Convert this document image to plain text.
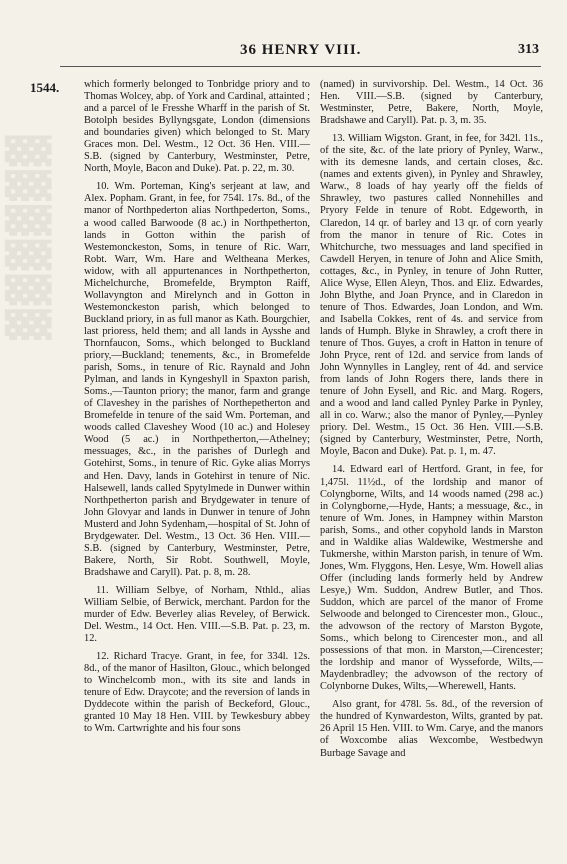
▓▓▓▓▓▓
36 HENRY VIII.	313
1544. which formerly belonged to Tonbridge priory and to Thomas Wolcey, abp. of York and Cardinal, attainted ; and a parcel of le Fresshe Wharff in the parish of St. Botolph besides Byllyngsgate, London (dimensions and boundaries given) which belonged to St. Mary Graces mon. Del. Westm., 12 Oct. 36 Hen. VIII.—S.B. (signed by Canterbury, Westminster, Petre, North, Moyle, Bacon and Duke). Pat. p. 22, m. 30.

10. Wm. Porteman, King's serjeant at law, and Alex. Popham. Grant, in fee, for 754l. 17s. 8d., of the manor of Northpederton alias Northpederton, Soms., a wood called Barwoode (8 ac.) in Northpetherton, lands in Gotton within the parish of Westemonckeston, Soms, in tenure of Ric. Warr, Robt. Warr, Wm. Hare and Weltheana Merkes, widow, with all appurtenances in Northpetherton, Michelchurche, Bromefelde, Brympton Raiff, Wollavyngton and Mirelynch and in Gotton in Westemonckeston parish, which belonged to Buckland priory, in as full manor as Kath. Bourgchier, last prioress, held them; and all lands in Aysshe and Thornfaucon, Soms., which belonged to Buckland priory,—Buckland; tenements, &c., in Bromefelde parish, Soms., in tenure of Ric. Raynald and John Pylman, and lands in Kyngeshyll in Spaxton parish, Soms.,—Taunton priory; the manor, farm and grange of Claveshey in the parishes of Northepetherton and Bromefelde in tenure of the said Wm. Porteman, and woods called Claveshey Wood (10 ac.) and Holesey Wood (5 ac.) in Northpetherton,—Athelney; messuages, &c., in the parishes of Durlegh and Gotehirst, Soms., in tenure of Ric. Gyke alias Morrys and Hen. Davy, lands in Gotehirst in tenure of Nic. Halsewell, lands called Spytylmede in Dunwer within Northpetherton parish and Brydgewater in tenure of John Glovyar and lands in Dunwer in tenure of John Musterd and John Sydenham,—hospital of St. John of Brydgewater. Del. Westm., 13 Oct. 36 Hen. VIII.—S.B. (signed by Canterbury, Westminster, Petre, Bakere, North, Sir Robt. Southwell, Moyle, Bradshawe and Caryll). Pat. p. 8, m. 28.

11. William Selbye, of Norham, Nthld., alias William Selbie, of Berwick, merchant. Pardon for the murder of Edw. Beverley alias Reveley, of Berwick. Del. Westm., 14 Oct. Hen. VIII.—S.B. Pat. p. 23, m. 12.

12. Richard Tracye. Grant, in fee, for 334l. 12s. 8d., of the manor of Hasilton, Glouc., which belonged to Winchelcomb mon., with its site and lands in tenure of Edw. Draycote; and the reversion of lands in Dyddecote within the parish of Beckeford, Glouc., granted 10 May 18 Hen. VIII. by Tewkesbury abbey to Wm. Cartwrighte and his four sons

(named) in survivorship. Del. Westm., 14 Oct. 36 Hen. VIII.—S.B. (signed by Canterbury, Westminster, Petre, Bakere, North, Moyle, Bradshawe and Caryll). Pat. p. 3, m. 35.

13. William Wigston. Grant, in fee, for 342l. 11s., of the site, &c. of the late priory of Pynley, Warw., with its demesne lands, and certain closes, &c. (names and extents given), in Pynley and Shrawley, Warw., 8 loads of hay yearly off the fields of Shrawley, two pastures called Nonnehilles and Pryory Felde in tenure of Robt. Edgeworth, in Claredon, 14 qr. of barley and 13 qr. of corn yearly from the manor in tenure of Ric. Cotes in Whitchurche, two messuages and land specified in Cawdell Heryen, in tenure of John and Alice Smith, cottages, &c., in Pynley, in tenure of John Rutter, Alice Wyse, Ellen Aleyn, Thos. and Eliz. Edwardes, John Blythe, and Joan Prynce, and in Claredon in tenure of Thos. Edwardes, Joan London, and Wm. and Isabella Cokkes, rent of 4s. and service from lands of Humph. Blyke in Shrawley, a croft there in tenure of Thos. Guyes, a croft in Hatton in tenure of John Pryce, rent of 12d. and service from lands of John Wynnylles in Langley, rent of 4d. and service from lands of John Rogers there, lands there in tenure of John Eysell, and Ric. and Marg. Rogers, and a wood and land called Pynley Parke in Pynley, all in co. Warw.; also the manor of Pynley,—Pynley priory. Del. Westm., 15 Oct. 36 Hen. VIII.—S.B. (signed by Canterbury, Westminster, Petre, North, Moyle, Bacon and Duke). Pat. p. 1, m. 47.

14. Edward earl of Hertford. Grant, in fee, for 1,475l. 11½d., of the lordship and manor of Colyngborne, Wilts, and 14 woods named (298 ac.) in Colyngborne,—Hyde, Hants; a messuage, &c., in tenure of Wm. Jones, in Hampney within Marston parish, Soms., and other copyhold lands in Marston and in Waldike alias Waldewike, Westmershe and Tukmershe, within Marston parish, in tenure of Wm. Jones, Wm. Flyggons, Hen. Lesye, Wm. Howell alias Offer (including lands formerly held by Andrew Lesye,) Wm. Suddon, Andrew Butler, and Thos. Suddon, which are parcel of the manor of Frome Selwoode and belonged to Cirencester mon., Glouc., the advowson of the rectory of Marston Bygote, Soms., which belong to Cirencester mon., and all possessions of that mon. in Marston,—Cirencester; the lordship and manor of Wysseforde, Wilts,—Maydenbradley; the advowson of the rectory of Colynborne Dukes, Wilts,—Wherewell, Hants.

Also grant, for 478l. 5s. 8d., of the reversion of the hundred of Kynwardeston, Wilts, granted by pat. 26 April 15 Hen. VIII. to Wm. Carye, and the manors of Woxcombe alias Wexcombe, Westbedwyn Burbage Savage and
